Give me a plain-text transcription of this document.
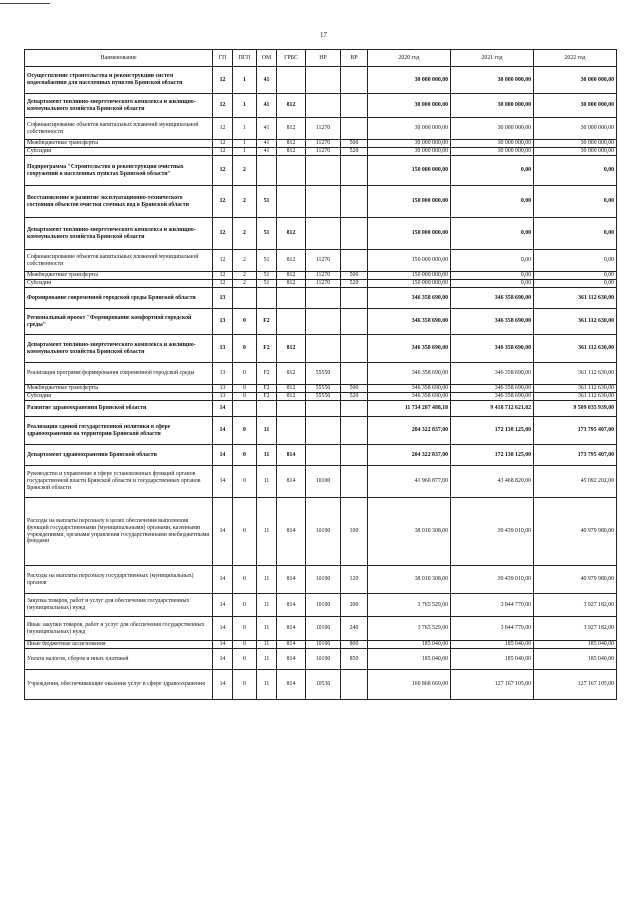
17
Наименование	ГП	ПГП	ОМ	ГРБС	НР	ВР	2020 год	2021 год	2022 год
Осуществление строительства и реконструкции систем водоснабжения для населенных пунктов Брянской области	12	1	41				30 000 000,00	30 000 000,00	30 000 000,00
Департамент топливно-энергетического комплекса и жилищно-коммунального хозяйства Брянской области	12	1	41	812			30 000 000,00	30 000 000,00	30 000 000,00
Софинансирование объектов капитальных вложений муниципальной собственности	12	1	41	812	11270		30 000 000,00	30 000 000,00	30 000 000,00
Межбюджетные трансферты	12	1	41	812	11270	500	30 000 000,00	30 000 000,00	30 000 000,00
Субсидии	12	1	41	812	11270	520	30 000 000,00	30 000 000,00	30 000 000,00
Подпрограмма "Строительство и реконструкция очистных сооружений в населенных пунктах Брянской области"	12	2					150 000 000,00	0,00	0,00
Восстановление и развитие эксплуатационно-технического состояния объектов очистки сточных вод в Брянской области	12	2	51				150 000 000,00	0,00	0,00
Департамент топливно-энергетического комплекса и жилищно-коммунального хозяйства Брянской области	12	2	51	812			150 000 000,00	0,00	0,00
Софинансирование объектов капитальных вложений муниципальной собственности	12	2	51	812	11270		150 000 000,00	0,00	0,00
Межбюджетные трансферты	12	2	51	812	11270	500	150 000 000,00	0,00	0,00
Субсидии	12	2	51	812	11270	520	150 000 000,00	0,00	0,00
Формирование современной городской среды Брянской области	13						346 358 690,00	346 358 690,00	361 112 630,00
Региональный проект "Формирование комфортной городской среды"	13	0	F2				346 358 690,00	346 358 690,00	361 112 630,00
Департамент топливно-энергетического комплекса и жилищно-коммунального хозяйства Брянской области	13	0	F2	812			346 358 690,00	346 358 690,00	361 112 630,00
Реализация программ формирования современной городской среды	13	0	F2	812	55550		346 358 690,00	346 358 690,00	361 112 630,00
Межбюджетные трансферты	13	0	F2	812	55550	500	346 358 690,00	346 358 690,00	361 112 630,00
Субсидии	13	0	F2	812	55550	520	346 358 690,00	346 358 690,00	361 112 630,00
Развитие здравоохранения Брянской области	14						11 734 207 488,18	9 418 712 621,82	9 509 035 939,00
Реализация единой государственной политики в сфере здравоохранения на территории Брянской области	14	0	11				204 322 837,00	172 138 125,00	173 795 407,00
Департамент здравоохранения Брянской области	14	0	11	814			204 322 837,00	172 138 125,00	173 795 407,00
Руководство и управление в сфере установленных функций органов государственной власти Брянской области и государственных органов Брянской области	14	0	11	814	10100		41 960 877,00	43 468 820,00	45 092 202,00
Расходы на выплаты персоналу в целях обеспечения выполнения функций государственными (муниципальными) органами, казенными учреждениями, органами управления государственными внебюджетными фондами	14	0	11	814	10100	100	38 010 308,00	39 439 010,00	40 979 980,00
Расходы на выплаты персоналу государственных (муниципальных) органов	14	0	11	814	10100	120	38 010 308,00	39 439 010,00	40 979 980,00
Закупка товаров, работ и услуг для обеспечения государственных (муниципальных) нужд	14	0	11	814	10100	200	3 765 529,00	3 844 770,00	3 927 182,00
Иные закупки товаров, работ и услуг для обеспечения государственных (муниципальных) нужд	14	0	11	814	10100	240	3 765 529,00	3 844 770,00	3 927 182,00
Иные бюджетные ассигнования	14	0	11	814	10100	800	185 040,00	185 040,00	185 040,00
Уплата налогов, сборов и иных платежей	14	0	11	814	10100	850	185 040,00	185 040,00	185 040,00
Учреждения, обеспечивающие оказание услуг в сфере здравоохранения	14	0	11	814	10530		160 868 660,00	127 167 105,00	127 167 105,00
